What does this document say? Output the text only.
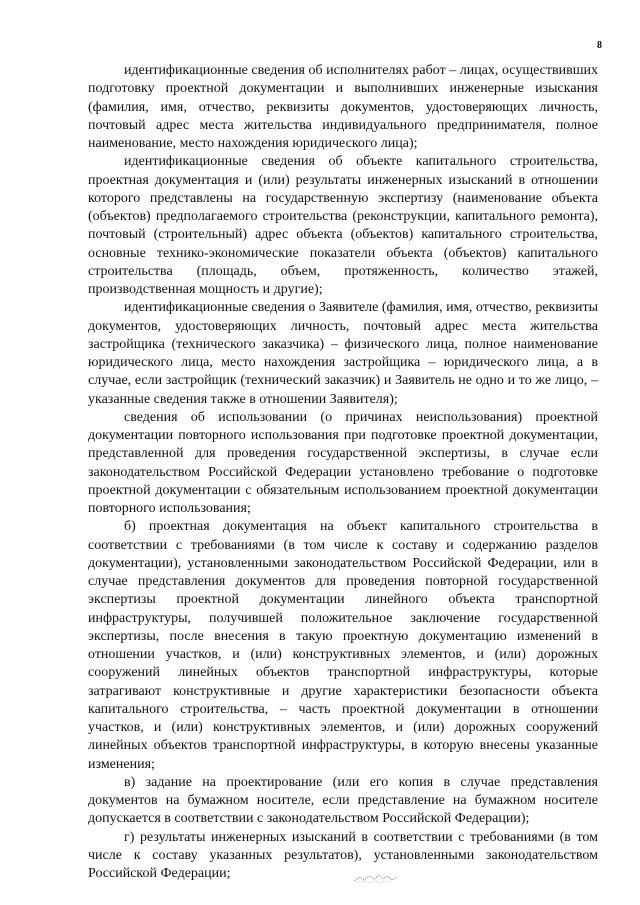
8

идентификационные сведения об исполнителях работ – лицах, осуществивших подготовку проектной документации и выполнивших инженерные изыскания (фамилия, имя, отчество, реквизиты документов, удостоверяющих личность, почтовый адрес места жительства индивидуального предпринимателя, полное наименование, место нахождения юридического лица);

идентификационные сведения об объекте капитального строительства, проектная документация и (или) результаты инженерных изысканий в отношении которого представлены на государственную экспертизу (наименование объекта (объектов) предполагаемого строительства (реконструкции, капитального ремонта), почтовый (строительный) адрес объекта (объектов) капитального строительства, основные технико-экономические показатели объекта (объектов) капитального строительства (площадь, объем, протяженность, количество этажей, производственная мощность и другие);

идентификационные сведения о Заявителе (фамилия, имя, отчество, реквизиты документов, удостоверяющих личность, почтовый адрес места жительства застройщика (технического заказчика) – физического лица, полное наименование юридического лица, место нахождения застройщика – юридического лица, а в случае, если застройщик (технический заказчик) и Заявитель не одно и то же лицо, – указанные сведения также в отношении Заявителя);

сведения об использовании (о причинах неиспользования) проектной документации повторного использования при подготовке проектной документации, представленной для проведения государственной экспертизы, в случае если законодательством Российской Федерации установлено требование о подготовке проектной документации с обязательным использованием проектной документации повторного использования;

б) проектная документация на объект капитального строительства в соответствии с требованиями (в том числе к составу и содержанию разделов документации), установленными законодательством Российской Федерации, или в случае представления документов для проведения повторной государственной экспертизы проектной документации линейного объекта транспортной инфраструктуры, получившей положительное заключение государственной экспертизы, после внесения в такую проектную документацию изменений в отношении участков, и (или) конструктивных элементов, и (или) дорожных сооружений линейных объектов транспортной инфраструктуры, которые затрагивают конструктивные и другие характеристики безопасности объекта капитального строительства, – часть проектной документации в отношении участков, и (или) конструктивных элементов, и (или) дорожных сооружений линейных объектов транспортной инфраструктуры, в которую внесены указанные изменения;

в) задание на проектирование (или его копия в случае представления документов на бумажном носителе, если представление на бумажном носителе допускается в соответствии с законодательством Российской Федерации);

г) результаты инженерных изысканий в соответствии с требованиями (в том числе к составу указанных результатов), установленными законодательством Российской Федерации;
